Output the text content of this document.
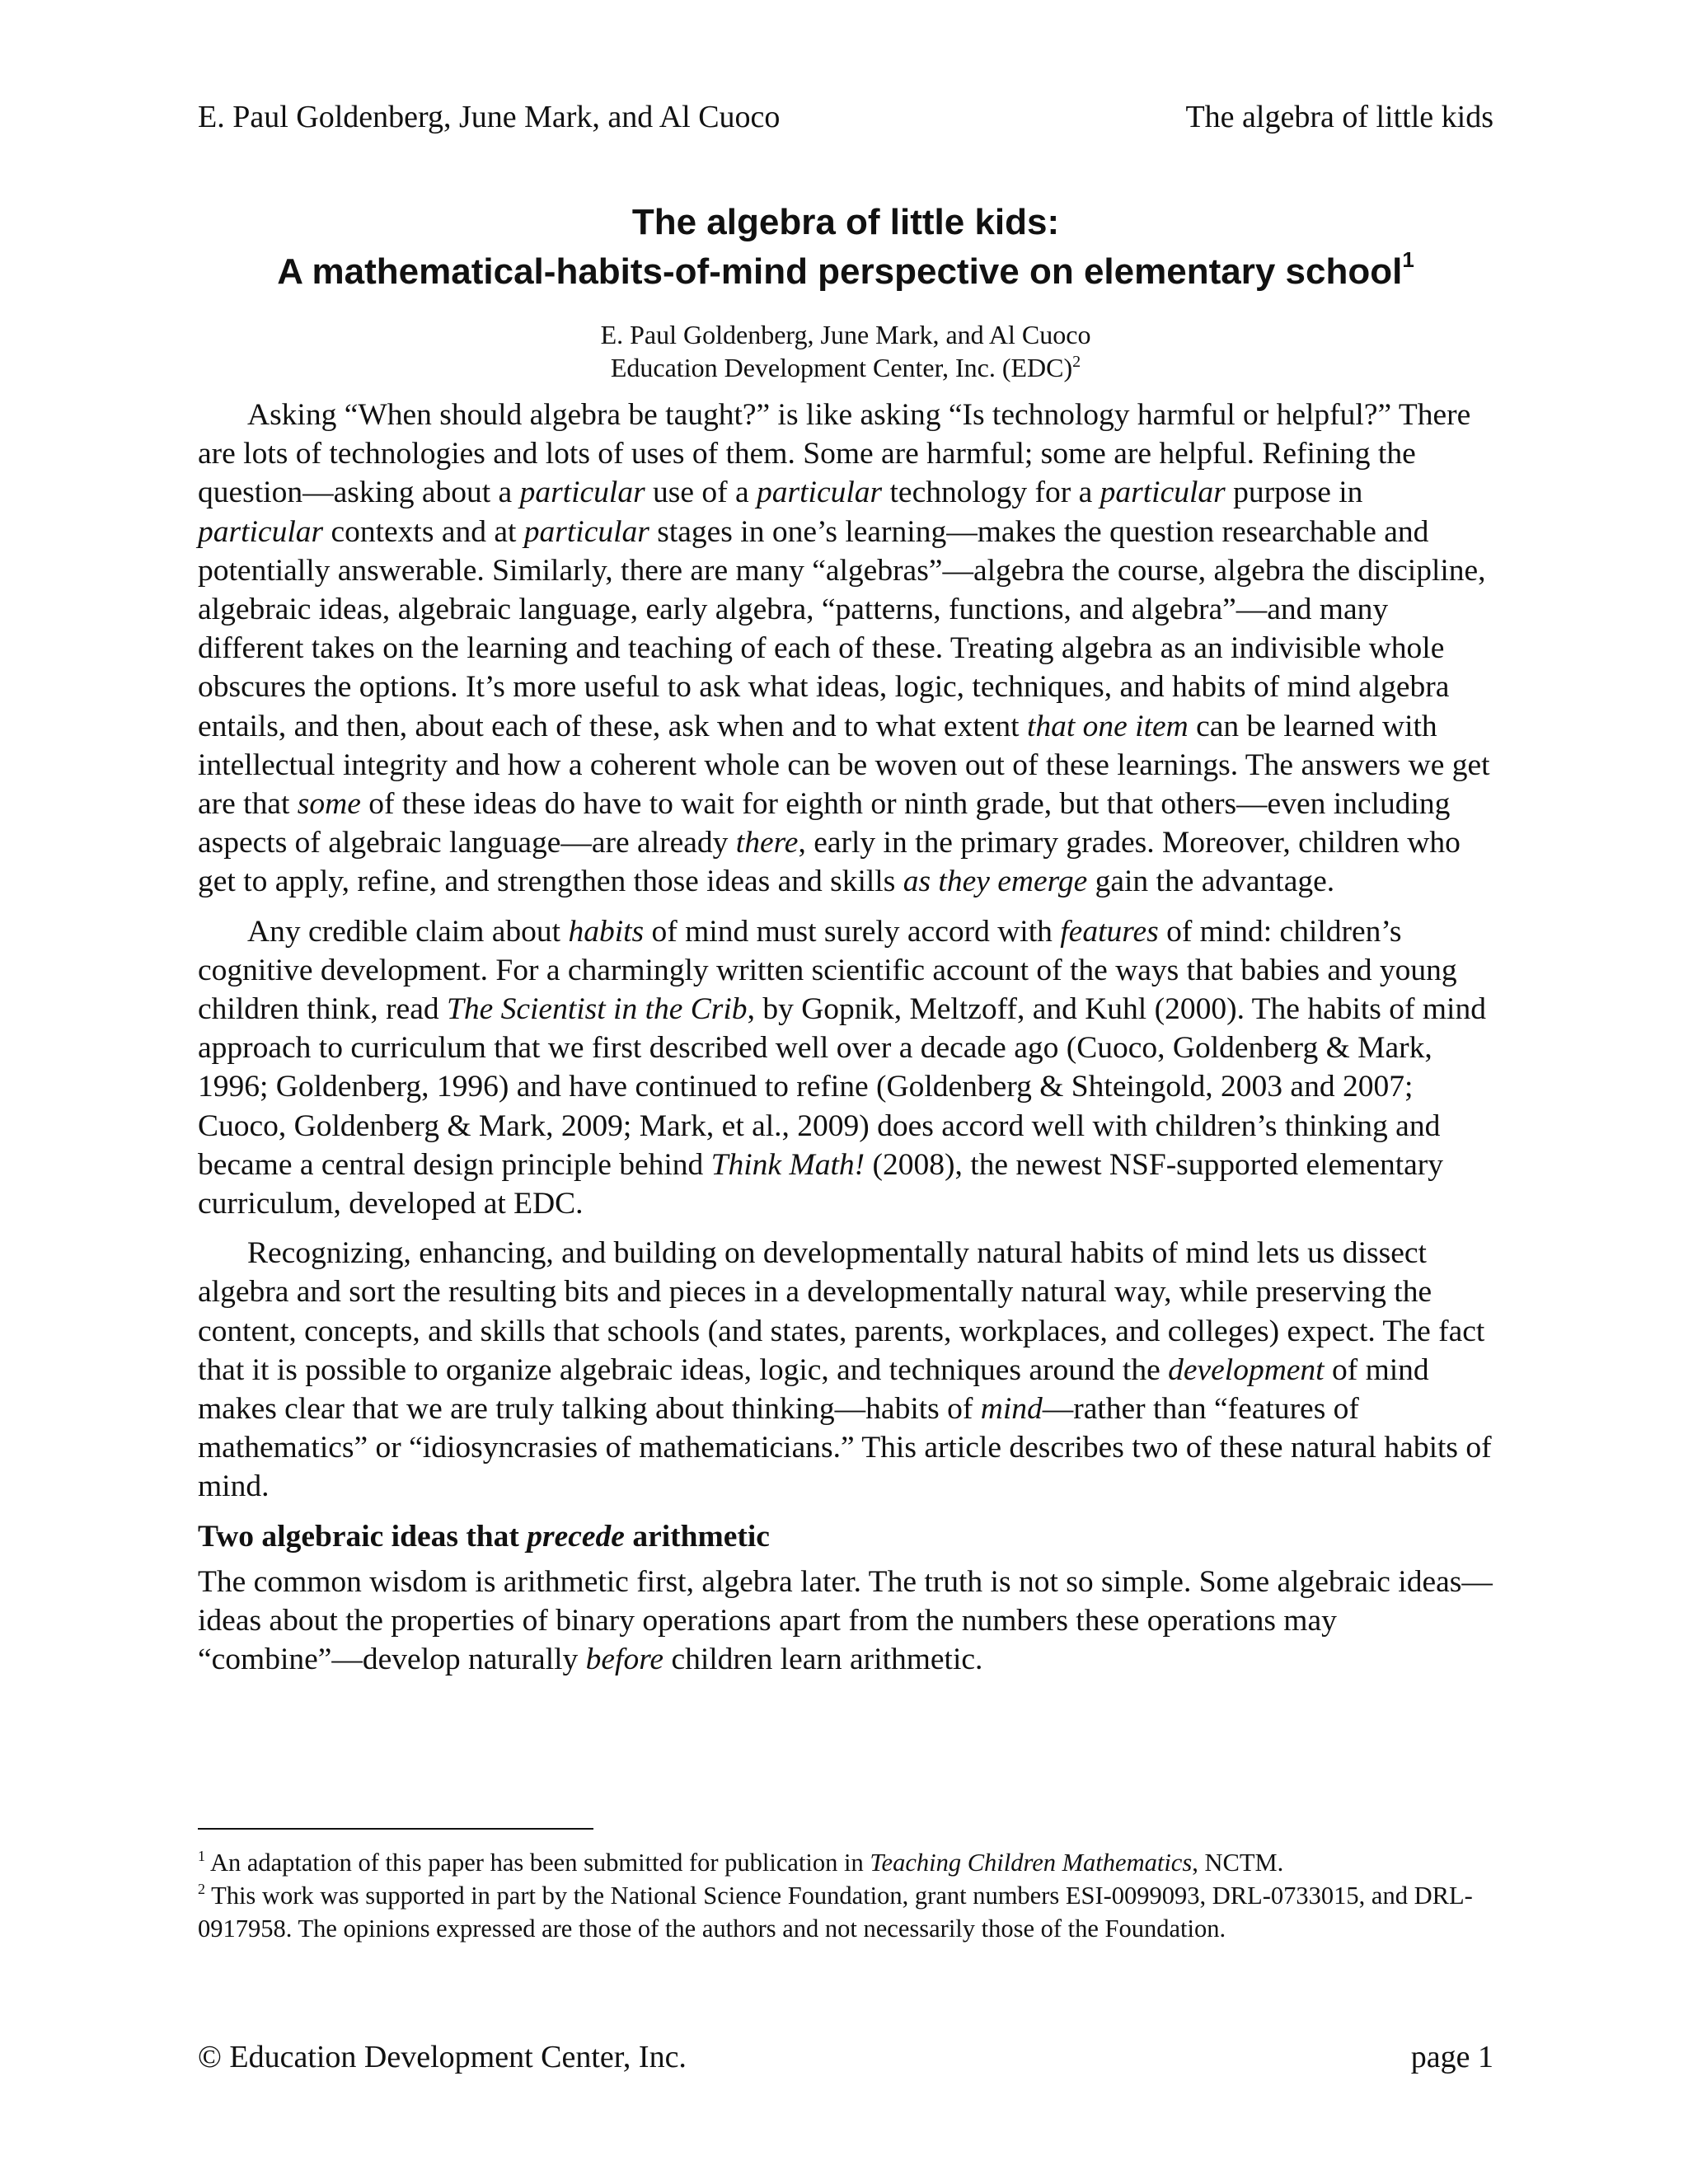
E. Paul Goldenberg, June Mark, and Al Cuoco	The algebra of little kids
The algebra of little kids:
A mathematical-habits-of-mind perspective on elementary school$^1$
E. Paul Goldenberg, June Mark, and Al Cuoco
Education Development Center, Inc. (EDC)$^2$

Asking “When should algebra be taught?” is like asking “Is technology harmful or helpful?” There are lots of technologies and lots of uses of them. Some are harmful; some are helpful. Refining the question—asking about a particular use of a particular technology for a particular purpose in particular contexts and at particular stages in one’s learning—makes the question researchable and potentially answerable. Similarly, there are many “algebras”—algebra the course, algebra the discipline, algebraic ideas, algebraic language, early algebra, “patterns, functions, and algebra”—and many different takes on the learning and teaching of each of these. Treating algebra as an indivisible whole obscures the options. It’s more useful to ask what ideas, logic, techniques, and habits of mind algebra entails, and then, about each of these, ask when and to what extent that one item can be learned with intellectual integrity and how a coherent whole can be woven out of these learnings. The answers we get are that some of these ideas do have to wait for eighth or ninth grade, but that others—even including aspects of algebraic language—are already there, early in the primary grades. Moreover, children who get to apply, refine, and strengthen those ideas and skills as they emerge gain the advantage.

Any credible claim about habits of mind must surely accord with features of mind: children’s cognitive development. For a charmingly written scientific account of the ways that babies and young children think, read The Scientist in the Crib, by Gopnik, Meltzoff, and Kuhl (2000). The habits of mind approach to curriculum that we first described well over a decade ago (Cuoco, Goldenberg & Mark, 1996; Goldenberg, 1996) and have continued to refine (Goldenberg & Shteingold, 2003 and 2007; Cuoco, Goldenberg & Mark, 2009; Mark, et al., 2009) does accord well with children’s thinking and became a central design principle behind Think Math! (2008), the newest NSF-supported elementary curriculum, developed at EDC.

Recognizing, enhancing, and building on developmentally natural habits of mind lets us dissect algebra and sort the resulting bits and pieces in a developmentally natural way, while preserving the content, concepts, and skills that schools (and states, parents, workplaces, and colleges) expect. The fact that it is possible to organize algebraic ideas, logic, and techniques around the development of mind makes clear that we are truly talking about thinking—habits of mind—rather than “features of mathematics” or “idiosyncrasies of mathematicians.” This article describes two of these natural habits of mind.

Two algebraic ideas that precede arithmetic

The common wisdom is arithmetic first, algebra later. The truth is not so simple. Some algebraic ideas—ideas about the properties of binary operations apart from the numbers these operations may “combine”—develop naturally before children learn arithmetic.

$^1$ An adaptation of this paper has been submitted for publication in Teaching Children Mathematics, NCTM.

$^2$ This work was supported in part by the National Science Foundation, grant numbers ESI-0099093, DRL-0733015, and DRL-0917958. The opinions expressed are those of the authors and not necessarily those of the Foundation.

© Education Development Center, Inc.	page 1
